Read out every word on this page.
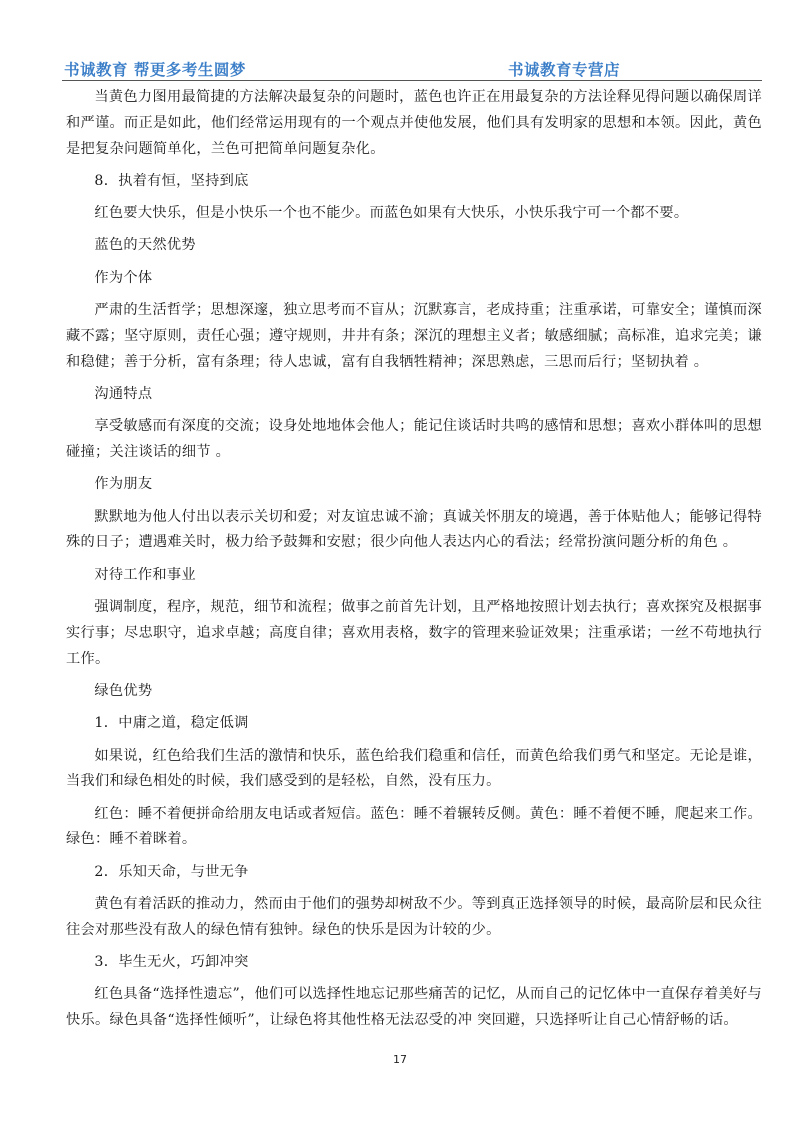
书诚教育 帮更多考生圆梦	书诚教育专营店

当黄色力图用最简捷的方法解决最复杂的问题时，蓝色也许正在用最复杂的方法诠释见得问题以确保周详和严谨。而正是如此，他们经常运用现有的一个观点并使他发展，他们具有发明家的思想和本领。因此，黄色是把复杂问题简单化，兰色可把简单问题复杂化。

8．执着有恒，坚持到底

红色要大快乐，但是小快乐一个也不能少。而蓝色如果有大快乐，小快乐我宁可一个都不要。

蓝色的天然优势

作为个体

严肃的生活哲学；思想深邃，独立思考而不盲从；沉默寡言，老成持重；注重承诺，可靠安全；谨慎而深藏不露；坚守原则，责任心强；遵守规则，井井有条；深沉的理想主义者；敏感细腻；高标准，追求完美；谦和稳健；善于分析，富有条理；待人忠诚，富有自我牺牲精神；深思熟虑，三思而后行；坚韧执着 。

沟通特点

享受敏感而有深度的交流；设身处地地体会他人；能记住谈话时共鸣的感情和思想；喜欢小群体叫的思想碰撞；关注谈话的细节 。

作为朋友

默默地为他人付出以表示关切和爱；对友谊忠诚不渝；真诚关怀朋友的境遇，善于体贴他人；能够记得特殊的日子；遭遇难关时，极力给予鼓舞和安慰；很少向他人表达内心的看法；经常扮演问题分析的角色 。

对待工作和事业

强调制度，程序，规范，细节和流程；做事之前首先计划，且严格地按照计划去执行；喜欢探究及根据事实行事；尽忠职守，追求卓越；高度自律；喜欢用表格，数字的管理来验证效果；注重承诺；一丝不苟地执行工作。

绿色优势

1．中庸之道，稳定低调

如果说，红色给我们生活的激情和快乐，蓝色给我们稳重和信任，而黄色给我们勇气和坚定。无论是谁，当我们和绿色相处的时候，我们感受到的是轻松，自然，没有压力。

红色：睡不着便拼命给朋友电话或者短信。蓝色：睡不着辗转反侧。黄色：睡不着便不睡，爬起来工作。绿色：睡不着眯着。

2．乐知天命，与世无争

黄色有着活跃的推动力，然而由于他们的强势却树敌不少。等到真正选择领导的时候，最高阶层和民众往往会对那些没有敌人的绿色情有独钟。绿色的快乐是因为计较的少。

3．毕生无火，巧卸冲突

红色具备“选择性遗忘”，他们可以选择性地忘记那些痛苦的记忆，从而自己的记忆体中一直保存着美好与快乐。绿色具备“选择性倾听”，让绿色将其他性格无法忍受的冲 突回避，只选择听让自己心情舒畅的话。

17
